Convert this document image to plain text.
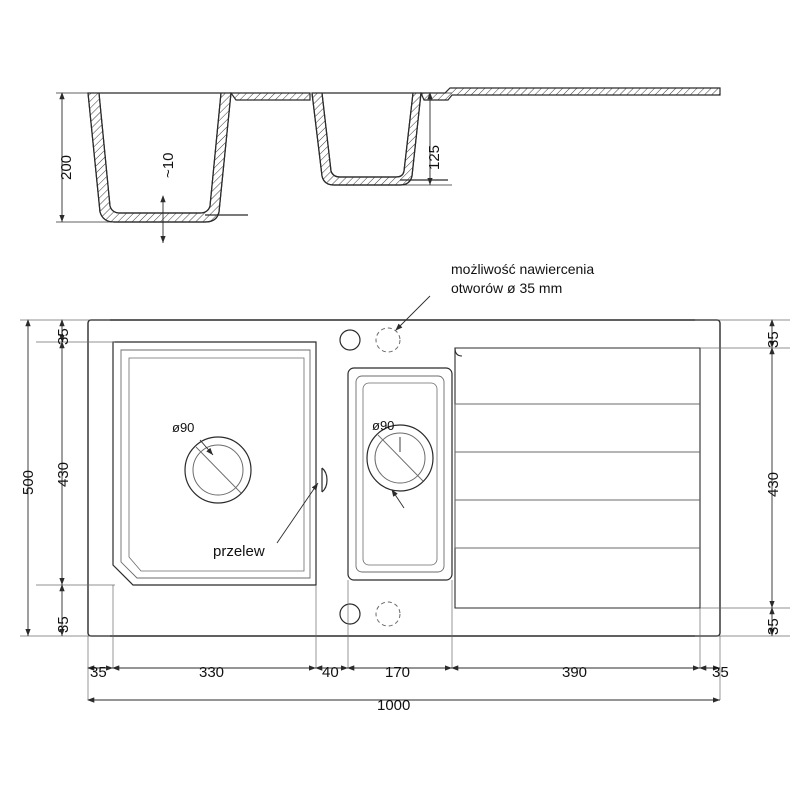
200	~10	125
możliwość nawiercenia
otworów ø 35 mm
ø90	ø90
przelew
500
35
430
35
35
430
35
35	330	40	170	390	35
1000
